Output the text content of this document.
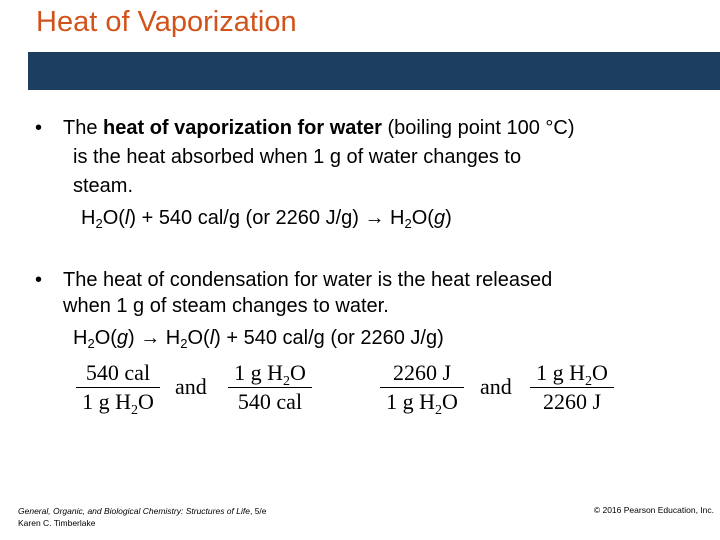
Heat of Vaporization
• The heat of vaporization for water (boiling point 100 °C)
is the heat absorbed when 1 g of water changes to
steam.
$H_2O(l) + 540$ cal/g (or 2260 $J/g) \to H_2O(g)$
• The heat of condensation for water is the heat released
when 1 g of steam changes to water.
$H_2O(g) \to H_2O(l) + 540$ cal/g (or 2260 J/g)
540 cal
1 g $H_2O$
and
1 g $H_2O$
540 cal
2260 J
1 g $H_2O$
and
1 g $H_2O$
2260 J
General, Organic, and Biological Chemistry: Structures of Life, 5/e
Karen C. Timberlake
© 2016 Pearson Education, Inc.
